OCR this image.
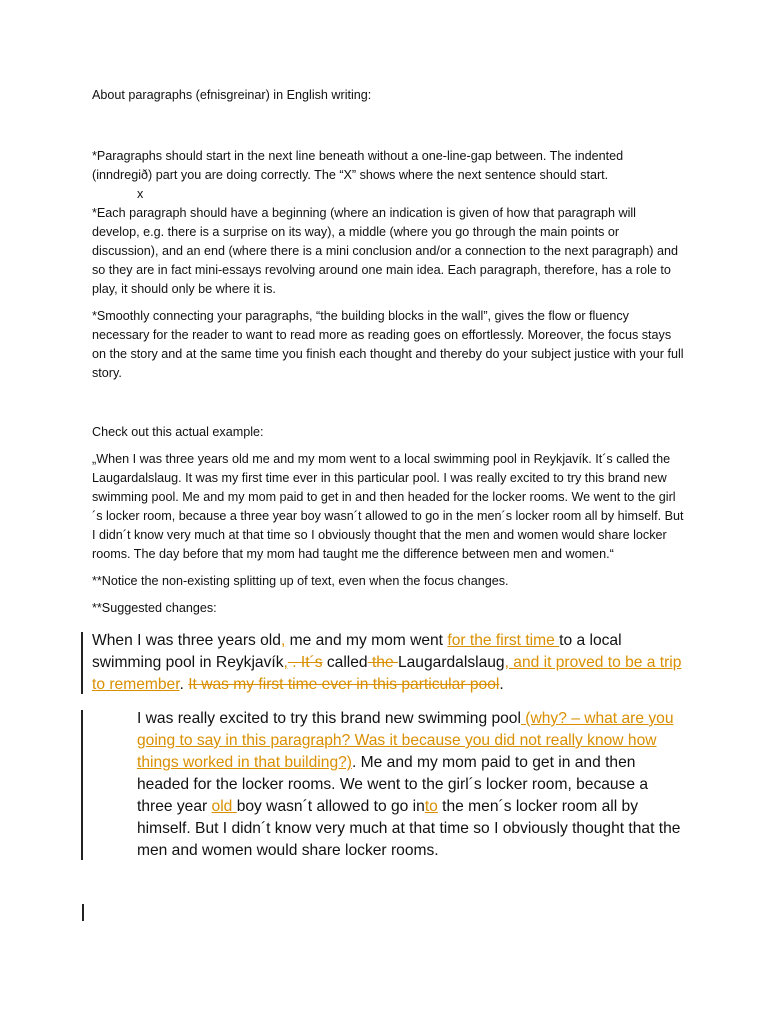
About paragraphs (efnisgreinar) in English writing:

*Paragraphs should start in the next line beneath without a one-line-gap between. The indented (inndregið) part you are doing correctly. The “X” shows where the next sentence should start.

x

*Each paragraph should have a beginning (where an indication is given of how that paragraph will develop, e.g. there is a surprise on its way), a middle (where you go through the main points or discussion), and an end (where there is a mini conclusion and/or a connection to the next paragraph) and so they are in fact mini-essays revolving around one main idea. Each paragraph, therefore, has a role to play, it should only be where it is.

*Smoothly connecting your paragraphs, “the building blocks in the wall”, gives the flow or fluency necessary for the reader to want to read more as reading goes on effortlessly. Moreover, the focus stays on the story and at the same time you finish each thought and thereby do your subject justice with your full story.

Check out this actual example:

„When I was three years old me and my mom went to a local swimming pool in Reykjavík. It´s called the Laugardalslaug. It was my first time ever in this particular pool. I was really excited to try this brand new swimming pool. Me and my mom paid to get in and then headed for the locker rooms. We went to the girl´s locker room, because a three year boy wasn´t allowed to go in the men´s locker room all by himself. But I didn´t know very much at that time so I obviously thought that the men and women would share locker rooms. The day before that my mom had taught me the difference between men and women.“

**Notice the non-existing splitting up of text, even when the focus changes.

**Suggested changes:

When I was three years old, me and my mom went for the first time to a local swimming pool in Reykjavík, . It´s called the Laugardalslaug, and it proved to be a trip to remember. It was my first time ever in this particular pool.

I was really excited to try this brand new swimming pool (why? – what are you going to say in this paragraph? Was it because you did not really know how things worked in that building?). Me and my mom paid to get in and then headed for the locker rooms. We went to the girl´s locker room, because a three year old boy wasn´t allowed to go into the men´s locker room all by himself. But I didn´t know very much at that time so I obviously thought that the men and women would share locker rooms.
